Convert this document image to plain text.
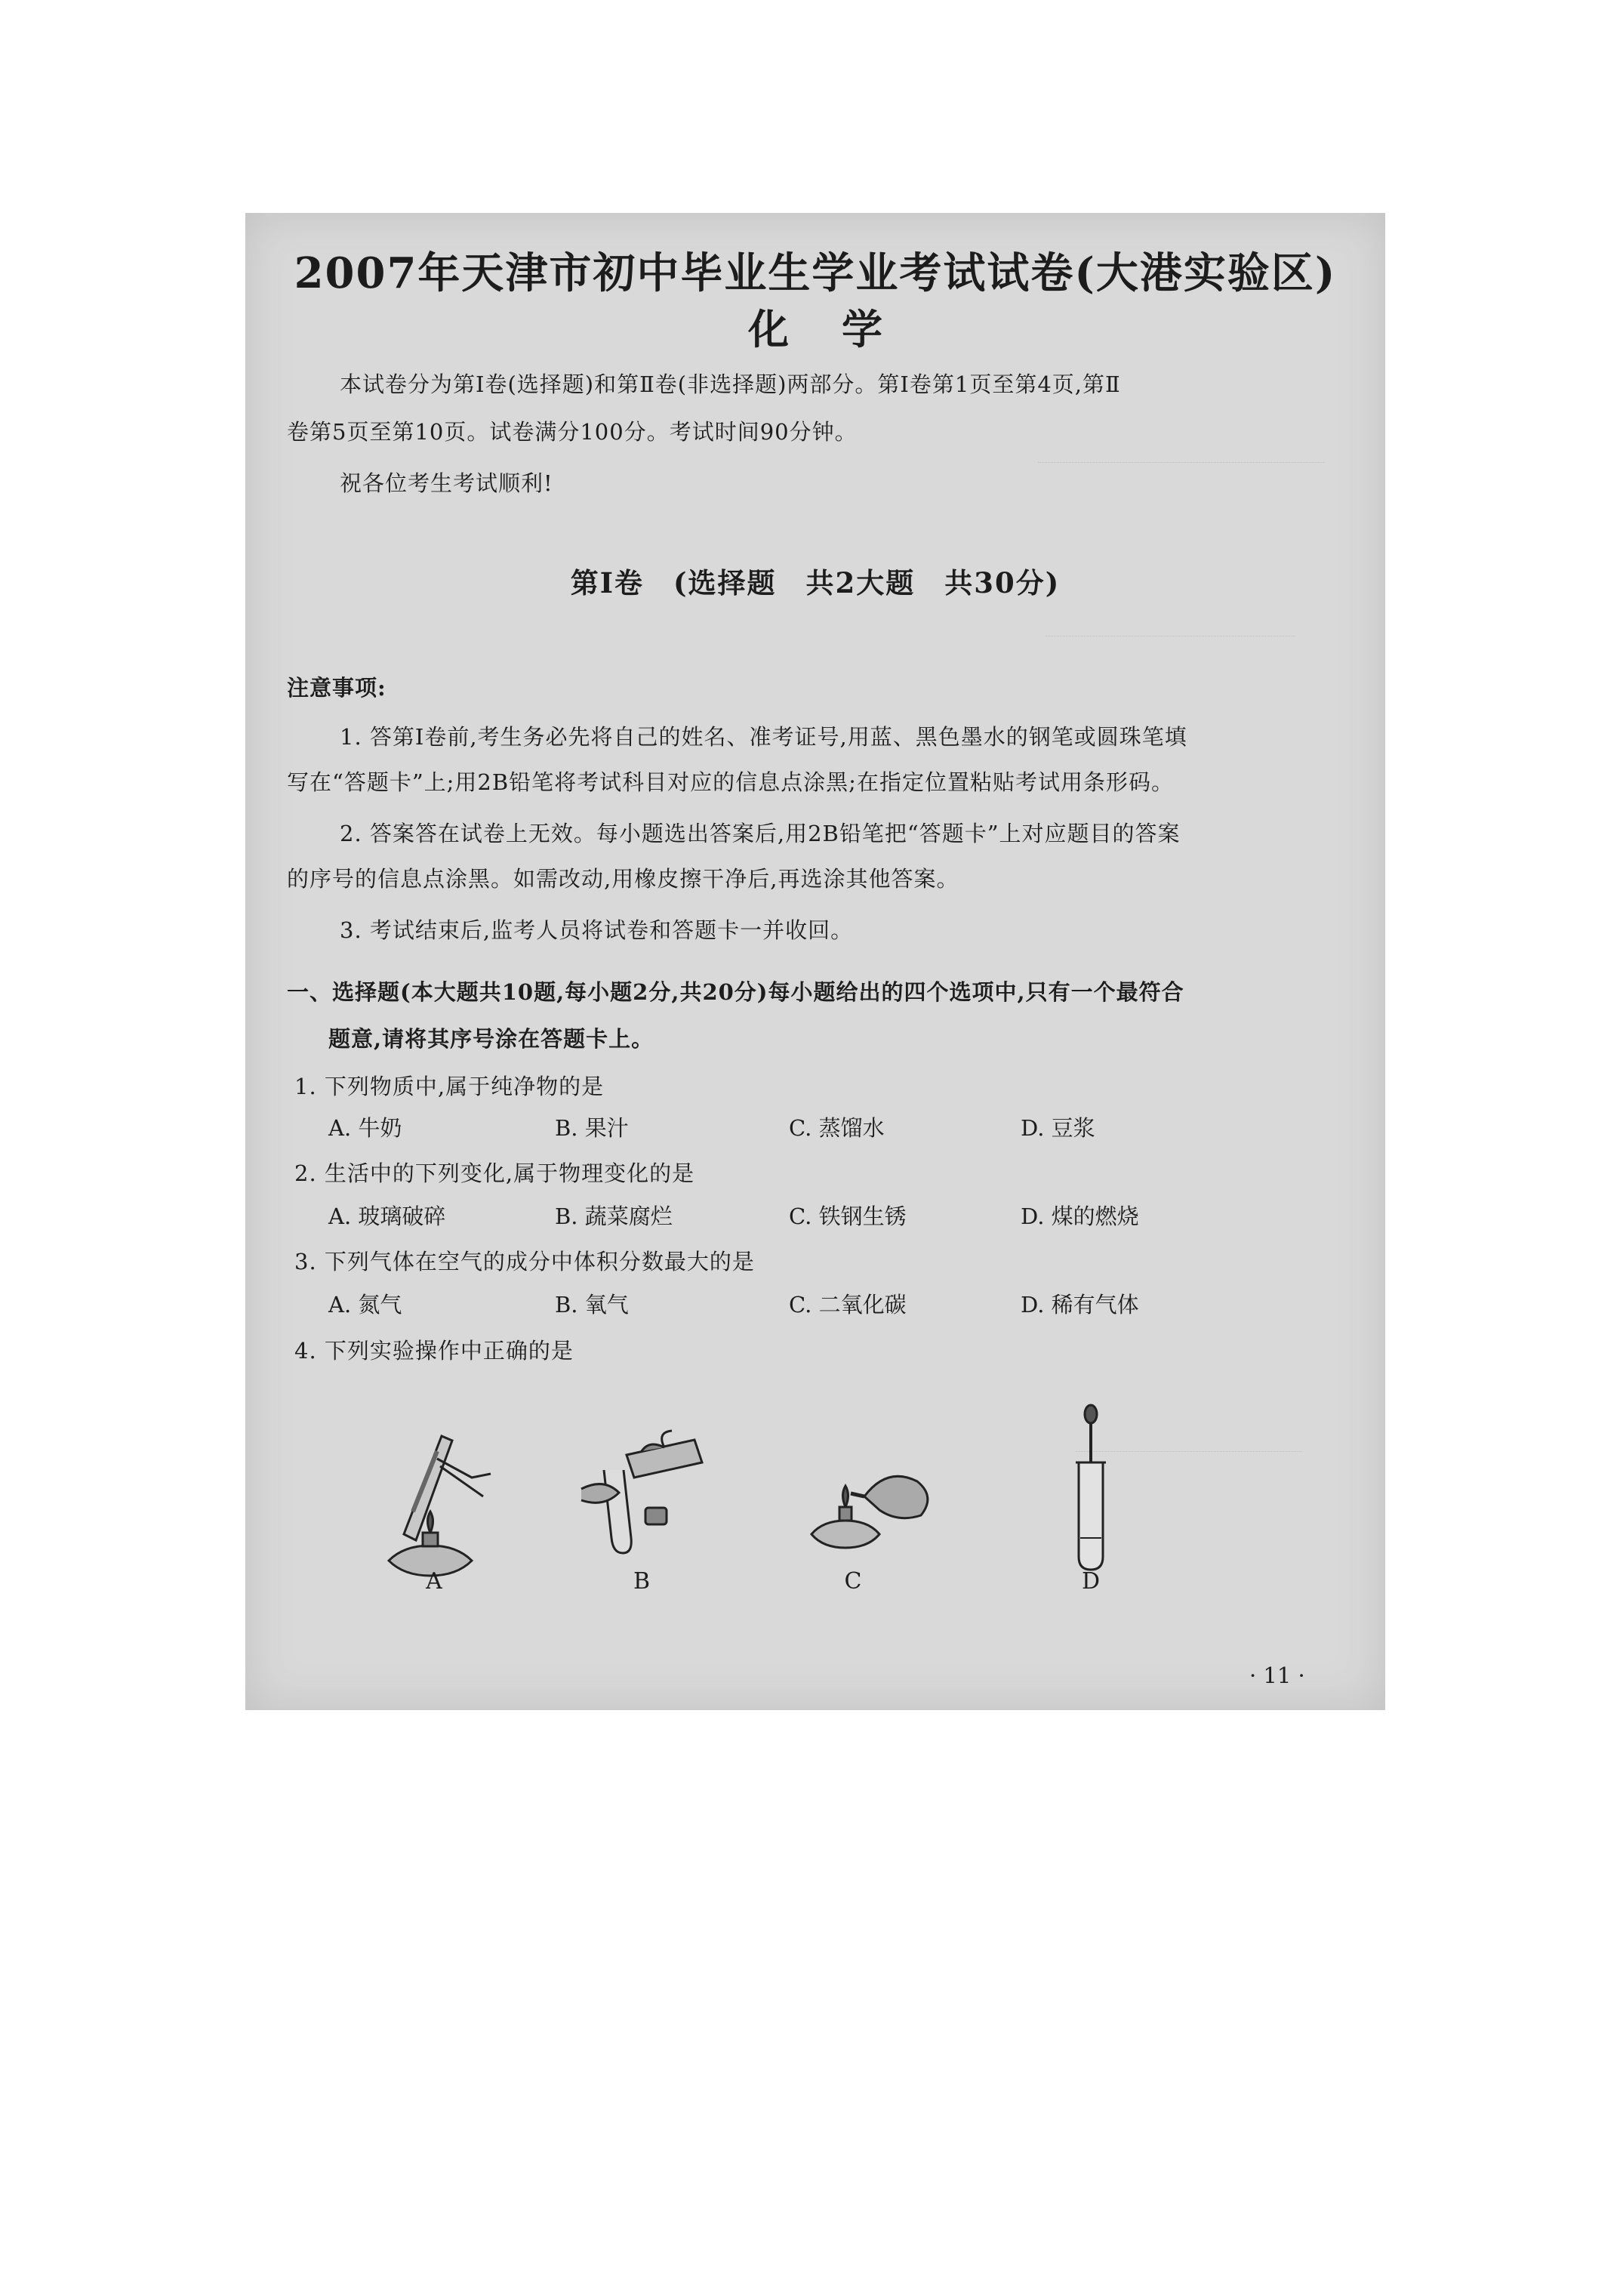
2007年天津市初中毕业生学业考试试卷(大港实验区)
化学
本试卷分为第Ⅰ卷(选择题)和第Ⅱ卷(非选择题)两部分。第Ⅰ卷第1页至第4页,第Ⅱ
卷第5页至第10页。试卷满分100分。考试时间90分钟。
祝各位考生考试顺利!
第Ⅰ卷　(选择题　共2大题　共30分)
注意事项:
1. 答第Ⅰ卷前,考生务必先将自己的姓名、准考证号,用蓝、黑色墨水的钢笔或圆珠笔填
写在“答题卡”上;用2B铅笔将考试科目对应的信息点涂黑;在指定位置粘贴考试用条形码。
2. 答案答在试卷上无效。每小题选出答案后,用2B铅笔把“答题卡”上对应题目的答案
的序号的信息点涂黑。如需改动,用橡皮擦干净后,再选涂其他答案。
3. 考试结束后,监考人员将试卷和答题卡一并收回。
一、选择题(本大题共10题,每小题2分,共20分)每小题给出的四个选项中,只有一个最符合
题意,请将其序号涂在答题卡上。
1. 下列物质中,属于纯净物的是
A. 牛奶	B. 果汁	C. 蒸馏水	D. 豆浆
2. 生活中的下列变化,属于物理变化的是
A. 玻璃破碎	B. 蔬菜腐烂	C. 铁钢生锈	D. 煤的燃烧
3. 下列气体在空气的成分中体积分数最大的是
A. 氮气	B. 氧气	C. 二氧化碳	D. 稀有气体
4. 下列实验操作中正确的是
A	B	C	D
· 11 ·
